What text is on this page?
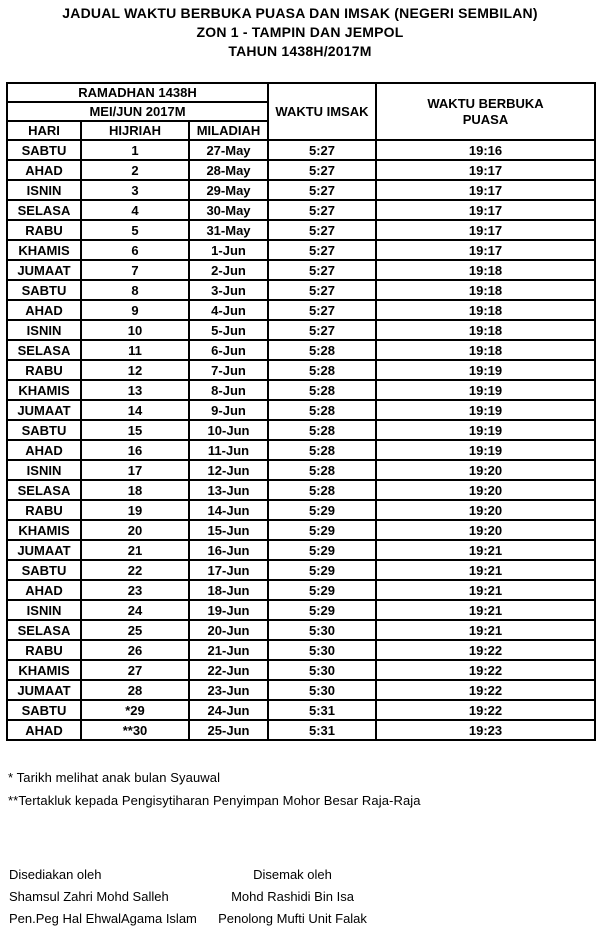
JADUAL WAKTU BERBUKA PUASA DAN IMSAK (NEGERI SEMBILAN)
ZON 1 - TAMPIN DAN JEMPOL
TAHUN 1438H/2017M
RAMADHAN 1438H			WAKTU IMSAK	WAKTU BERBUKA PUASA
MEI/JUN 2017M				
HARI	HIJRIAH	MILADIAH		
SABTU	1	27-May	5:27	19:16
AHAD	2	28-May	5:27	19:17
ISNIN	3	29-May	5:27	19:17
SELASA	4	30-May	5:27	19:17
RABU	5	31-May	5:27	19:17
KHAMIS	6	1-Jun	5:27	19:17
JUMAAT	7	2-Jun	5:27	19:18
SABTU	8	3-Jun	5:27	19:18
AHAD	9	4-Jun	5:27	19:18
ISNIN	10	5-Jun	5:27	19:18
SELASA	11	6-Jun	5:28	19:18
RABU	12	7-Jun	5:28	19:19
KHAMIS	13	8-Jun	5:28	19:19
JUMAAT	14	9-Jun	5:28	19:19
SABTU	15	10-Jun	5:28	19:19
AHAD	16	11-Jun	5:28	19:19
ISNIN	17	12-Jun	5:28	19:20
SELASA	18	13-Jun	5:28	19:20
RABU	19	14-Jun	5:29	19:20
KHAMIS	20	15-Jun	5:29	19:20
JUMAAT	21	16-Jun	5:29	19:21
SABTU	22	17-Jun	5:29	19:21
AHAD	23	18-Jun	5:29	19:21
ISNIN	24	19-Jun	5:29	19:21
SELASA	25	20-Jun	5:30	19:21
RABU	26	21-Jun	5:30	19:22
KHAMIS	27	22-Jun	5:30	19:22
JUMAAT	28	23-Jun	5:30	19:22
SABTU	*29	24-Jun	5:31	19:22
AHAD	**30	25-Jun	5:31	19:23
* Tarikh melihat anak bulan Syauwal
**Tertakluk kepada Pengisytiharan Penyimpan Mohor Besar Raja-Raja
Disediakan oleh
Shamsul Zahri Mohd Salleh
Pen.Peg Hal EhwalAgama Islam
Disemak oleh
Mohd Rashidi Bin Isa
Penolong Mufti Unit Falak
